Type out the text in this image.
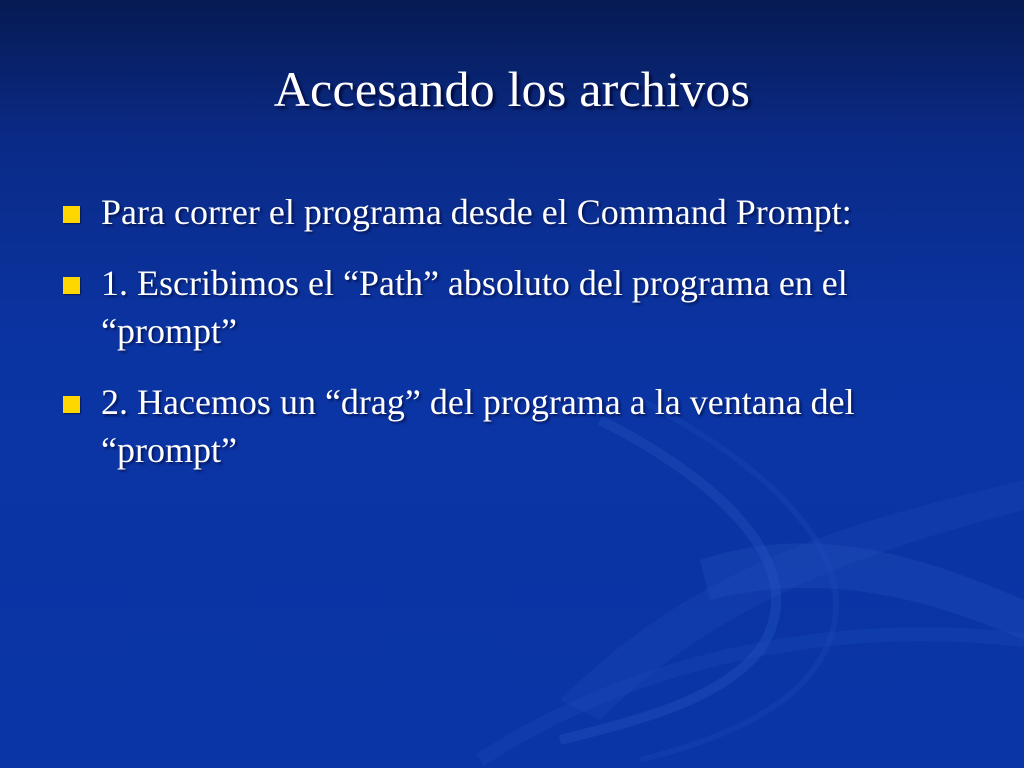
Accesando los archivos
Para correr el programa desde el Command Prompt:
1. Escribimos el “Path” absoluto del programa en el “prompt”
2. Hacemos un “drag” del programa a la ventana del “prompt”
